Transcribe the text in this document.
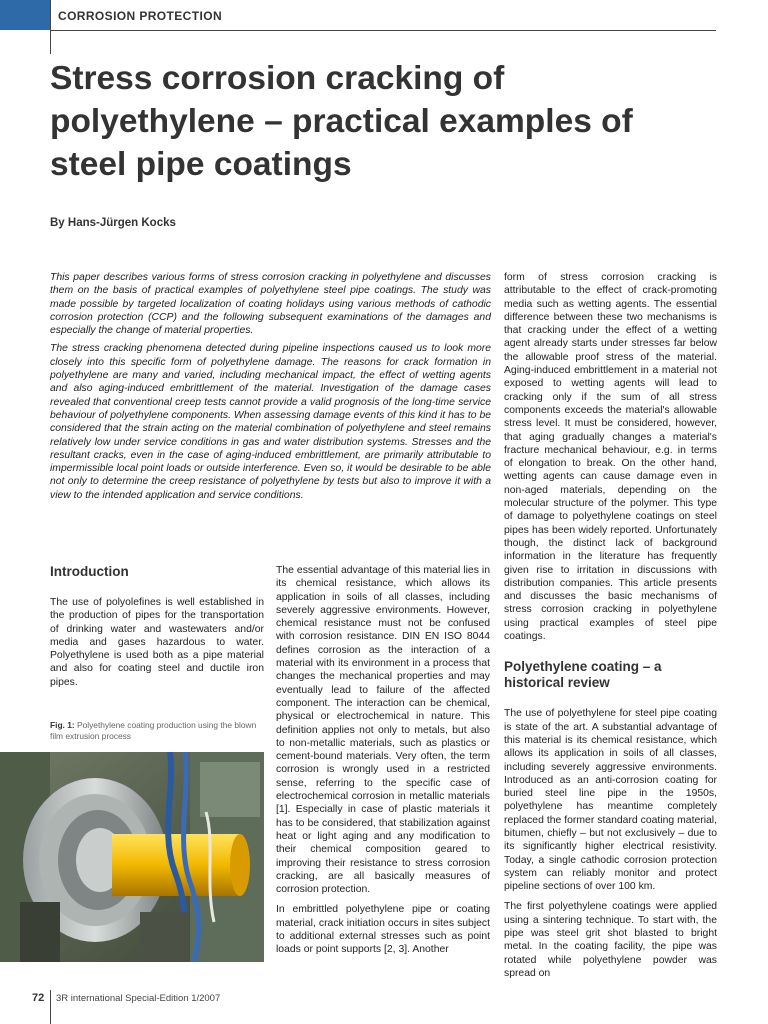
CORROSION PROTECTION
Stress corrosion cracking of polyethylene – practical examples of steel pipe coatings
By Hans-Jürgen Kocks

This paper describes various forms of stress corrosion cracking in polyethylene and discusses them on the basis of practical examples of polyethylene steel pipe coatings. The study was made possible by targeted localization of coating holidays using various methods of cathodic corrosion protection (CCP) and the following subsequent examinations of the damages and especially the change of material properties.

The stress cracking phenomena detected during pipeline inspections caused us to look more closely into this specific form of polyethylene damage. The reasons for crack formation in polyethylene are many and varied, including mechanical impact, the effect of wetting agents and also aging-induced embrittlement of the material. Investigation of the damage cases revealed that conventional creep tests cannot provide a valid prognosis of the long-time service behaviour of polyethylene components. When assessing damage events of this kind it has to be considered that the strain acting on the material combination of polyethylene and steel remains relatively low under service conditions in gas and water distribution systems. Stresses and the resultant cracks, even in the case of aging-induced embrittlement, are primarily attributable to impermissible local point loads or outside interference. Even so, it would be desirable to be able not only to determine the creep resistance of polyethylene by tests but also to improve it with a view to the intended application and service conditions.

Introduction

The use of polyolefines is well established in the production of pipes for the transportation of drinking water and wastewaters and/or media and gases hazardous to water. Polyethylene is used both as a pipe material and also for coating steel and ductile iron pipes.

Fig. 1: Polyethylene coating production using the blown film extrusion process

The essential advantage of this material lies in its chemical resistance, which allows its application in soils of all classes, including severely aggressive environments. However, chemical resistance must not be confused with corrosion resistance. DIN EN ISO 8044 defines corrosion as the interaction of a material with its environment in a process that changes the mechanical properties and may eventually lead to failure of the affected component. The interaction can be chemical, physical or electrochemical in nature. This definition applies not only to metals, but also to non-metallic materials, such as plastics or cement-bound materials. Very often, the term corrosion is wrongly used in a restricted sense, referring to the specific case of electrochemical corrosion in metallic materials [1]. Especially in case of plastic materials it has to be considered, that stabilization against heat or light aging and any modification to their chemical composition geared to improving their resistance to stress corrosion cracking, are all basically measures of corrosion protection.

In embrittled polyethylene pipe or coating material, crack initiation occurs in sites subject to additional external stresses such as point loads or point supports [2, 3]. Another

form of stress corrosion cracking is attributable to the effect of crack-promoting media such as wetting agents. The essential difference between these two mechanisms is that cracking under the effect of a wetting agent already starts under stresses far below the allowable proof stress of the material. Aging-induced embrittlement in a material not exposed to wetting agents will lead to cracking only if the sum of all stress components exceeds the material's allowable stress level. It must be considered, however, that aging gradually changes a material's fracture mechanical behaviour, e.g. in terms of elongation to break. On the other hand, wetting agents can cause damage even in non-aged materials, depending on the molecular structure of the polymer. This type of damage to polyethylene coatings on steel pipes has been widely reported. Unfortunately though, the distinct lack of background information in the literature has frequently given rise to irritation in discussions with distribution companies. This article presents and discusses the basic mechanisms of stress corrosion cracking in polyethylene using practical examples of steel pipe coatings.

Polyethylene coating – a historical review

The use of polyethylene for steel pipe coating is state of the art. A substantial advantage of this material is its chemical resistance, which allows its application in soils of all classes, including severely aggressive environments. Introduced as an anti-corrosion coating for buried steel line pipe in the 1950s, polyethylene has meantime completely replaced the former standard coating material, bitumen, chiefly – but not exclusively – due to its significantly higher electrical resistivity. Today, a single cathodic corrosion protection system can reliably monitor and protect pipeline sections of over 100 km.

The first polyethylene coatings were applied using a sintering technique. To start with, the pipe was steel grit shot blasted to bright metal. In the coating facility, the pipe was rotated while polyethylene powder was spread on

72 3R international Special-Edition 1/2007
